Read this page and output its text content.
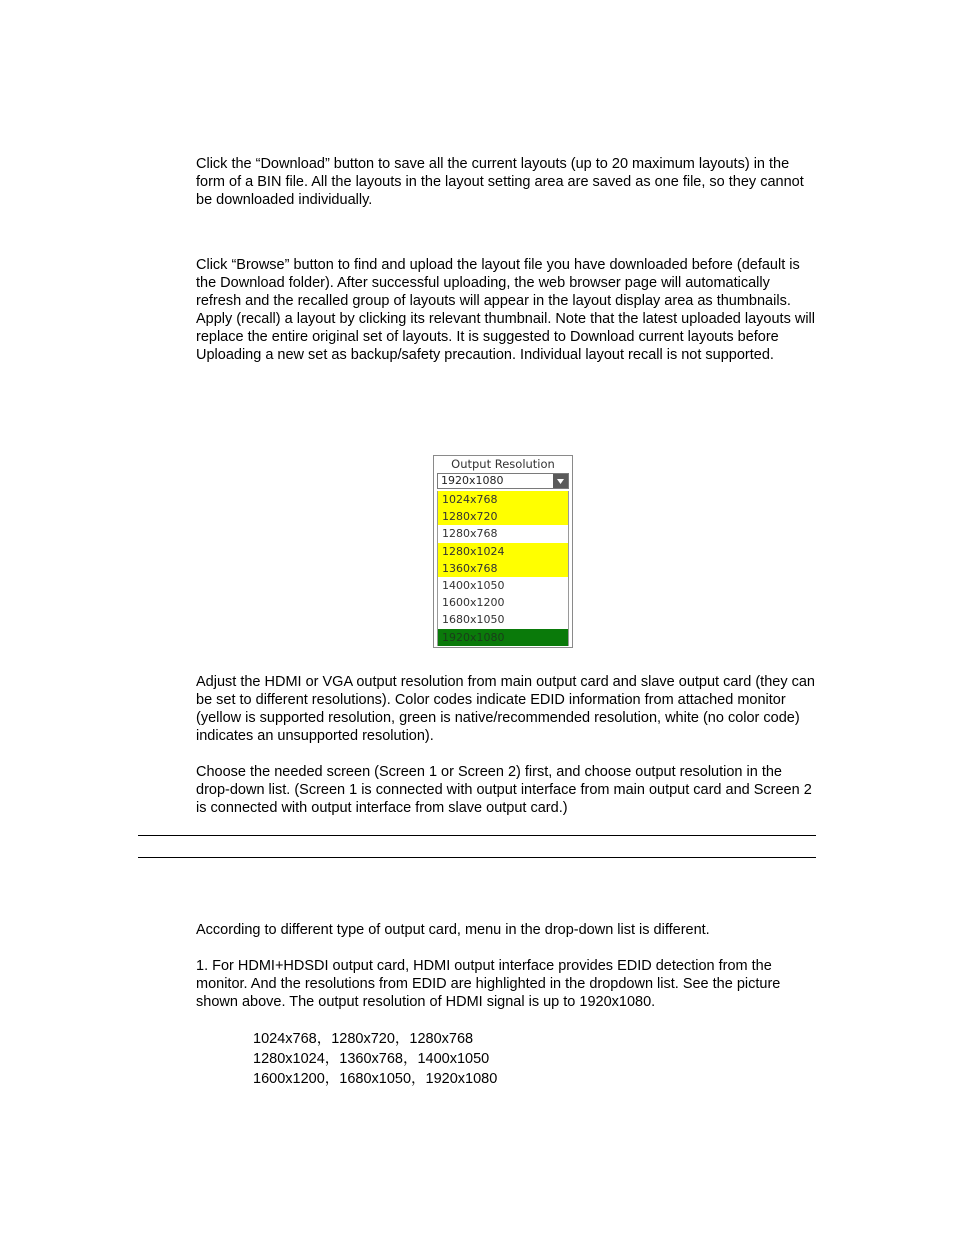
Click the “Download” button to save all the current layouts (up to 20 maximum layouts) in the form of a BIN file. All the layouts in the layout setting area are saved as one file, so they cannot be downloaded individually.

Click “Browse” button to find and upload the layout file you have downloaded before (default is the Download folder). After successful uploading, the web browser page will automatically refresh and the recalled group of layouts will appear in the layout display area as thumbnails. Apply (recall) a layout by clicking its relevant thumbnail. Note that the latest uploaded layouts will replace the entire original set of layouts. It is suggested to Download current layouts before Uploading a new set as backup/safety precaution. Individual layout recall is not supported.

Output Resolution
1920x1080
1024x768
1280x720
1280x768
1280x1024
1360x768
1400x1050
1600x1200
1680x1050
1920x1080

Adjust the HDMI or VGA output resolution from main output card and slave output card (they can be set to different resolutions). Color codes indicate EDID information from attached monitor (yellow is supported resolution, green is native/recommended resolution, white (no color code) indicates an unsupported resolution).

Choose the needed screen (Screen 1 or Screen 2) first, and choose output resolution in the drop-down list. (Screen 1 is connected with output interface from main output card and Screen 2 is connected with output interface from slave output card.)

According to different type of output card, menu in the drop-down list is different.

1. For HDMI+HDSDI output card, HDMI output interface provides EDID detection from the monitor. And the resolutions from EDID are highlighted in the dropdown list. See the picture shown above. The output resolution of HDMI signal is up to 1920x1080.

1024x768，1280x720，1280x768
1280x1024，1360x768，1400x1050
1600x1200，1680x1050，1920x1080
